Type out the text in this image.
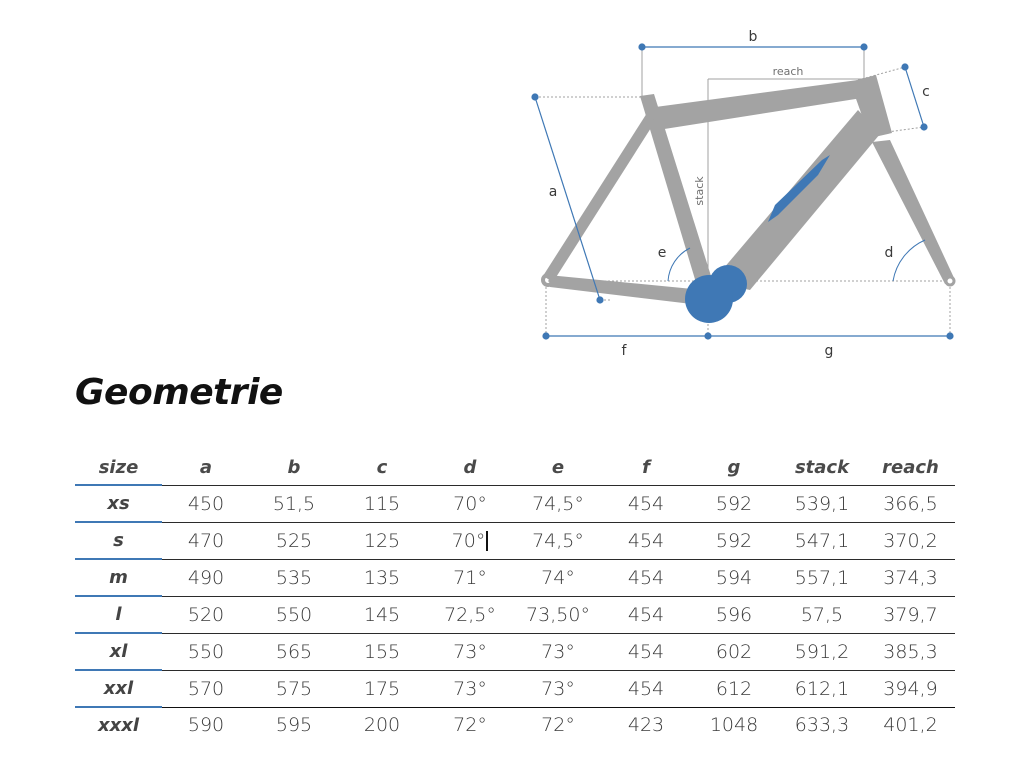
b
reach
c
a	stack
e	d
f	g
Geometrie
size	a	b	c	d	e	f	g	stack	reach
xs	450	51,5	115	70°	74,5°	454	592	539,1	366,5
s	470	525	125	70°	74,5°	454	592	547,1	370,2
m	490	535	135	71°	74°	454	594	557,1	374,3
l	520	550	145	72,5°	73,50°	454	596	57,5	379,7
xl	550	565	155	73°	73°	454	602	591,2	385,3
xxl	570	575	175	73°	73°	454	612	612,1	394,9
xxxl	590	595	200	72°	72°	423	1048	633,3	401,2
